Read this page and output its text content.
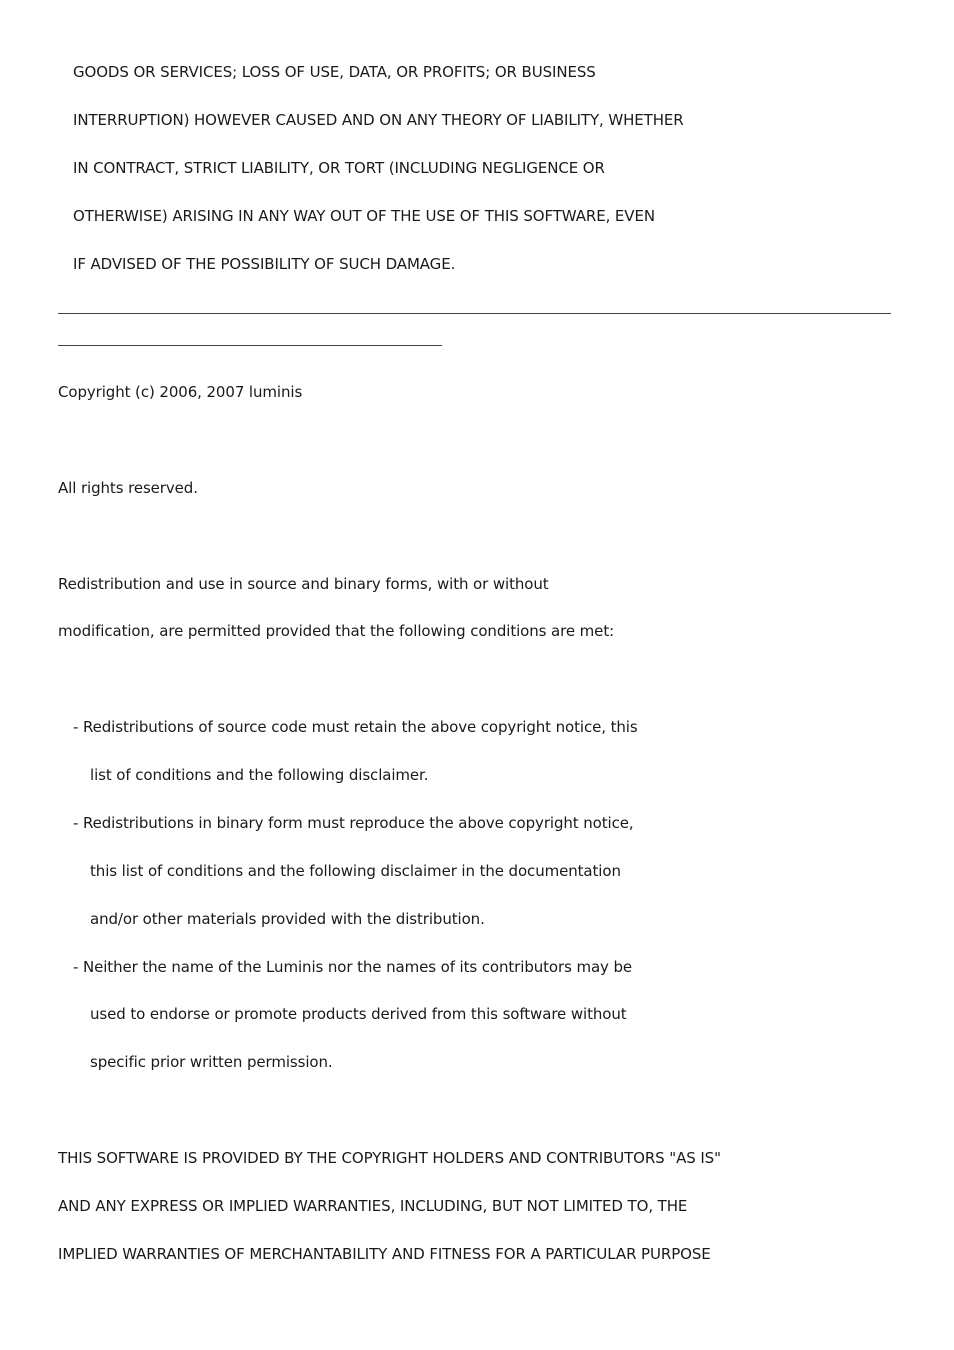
GOODS OR SERVICES; LOSS OF USE, DATA, OR PROFITS; OR BUSINESS
INTERRUPTION) HOWEVER CAUSED AND ON ANY THEORY OF LIABILITY, WHETHER
IN CONTRACT, STRICT LIABILITY, OR TORT (INCLUDING NEGLIGENCE OR
OTHERWISE) ARISING IN ANY WAY OUT OF THE USE OF THIS SOFTWARE, EVEN
IF ADVISED OF THE POSSIBILITY OF SUCH DAMAGE.
Copyright (c) 2006, 2007 luminis
All rights reserved.
Redistribution and use in source and binary forms, with or without
modification, are permitted provided that the following conditions are met:
- Redistributions of source code must retain the above copyright notice, this
list of conditions and the following disclaimer.
- Redistributions in binary form must reproduce the above copyright notice,
this list of conditions and the following disclaimer in the documentation
and/or other materials provided with the distribution.
- Neither the name of the Luminis nor the names of its contributors may be
used to endorse or promote products derived from this software without
specific prior written permission.
THIS SOFTWARE IS PROVIDED BY THE COPYRIGHT HOLDERS AND CONTRIBUTORS "AS IS"
AND ANY EXPRESS OR IMPLIED WARRANTIES, INCLUDING, BUT NOT LIMITED TO, THE
IMPLIED WARRANTIES OF MERCHANTABILITY AND FITNESS FOR A PARTICULAR PURPOSE
